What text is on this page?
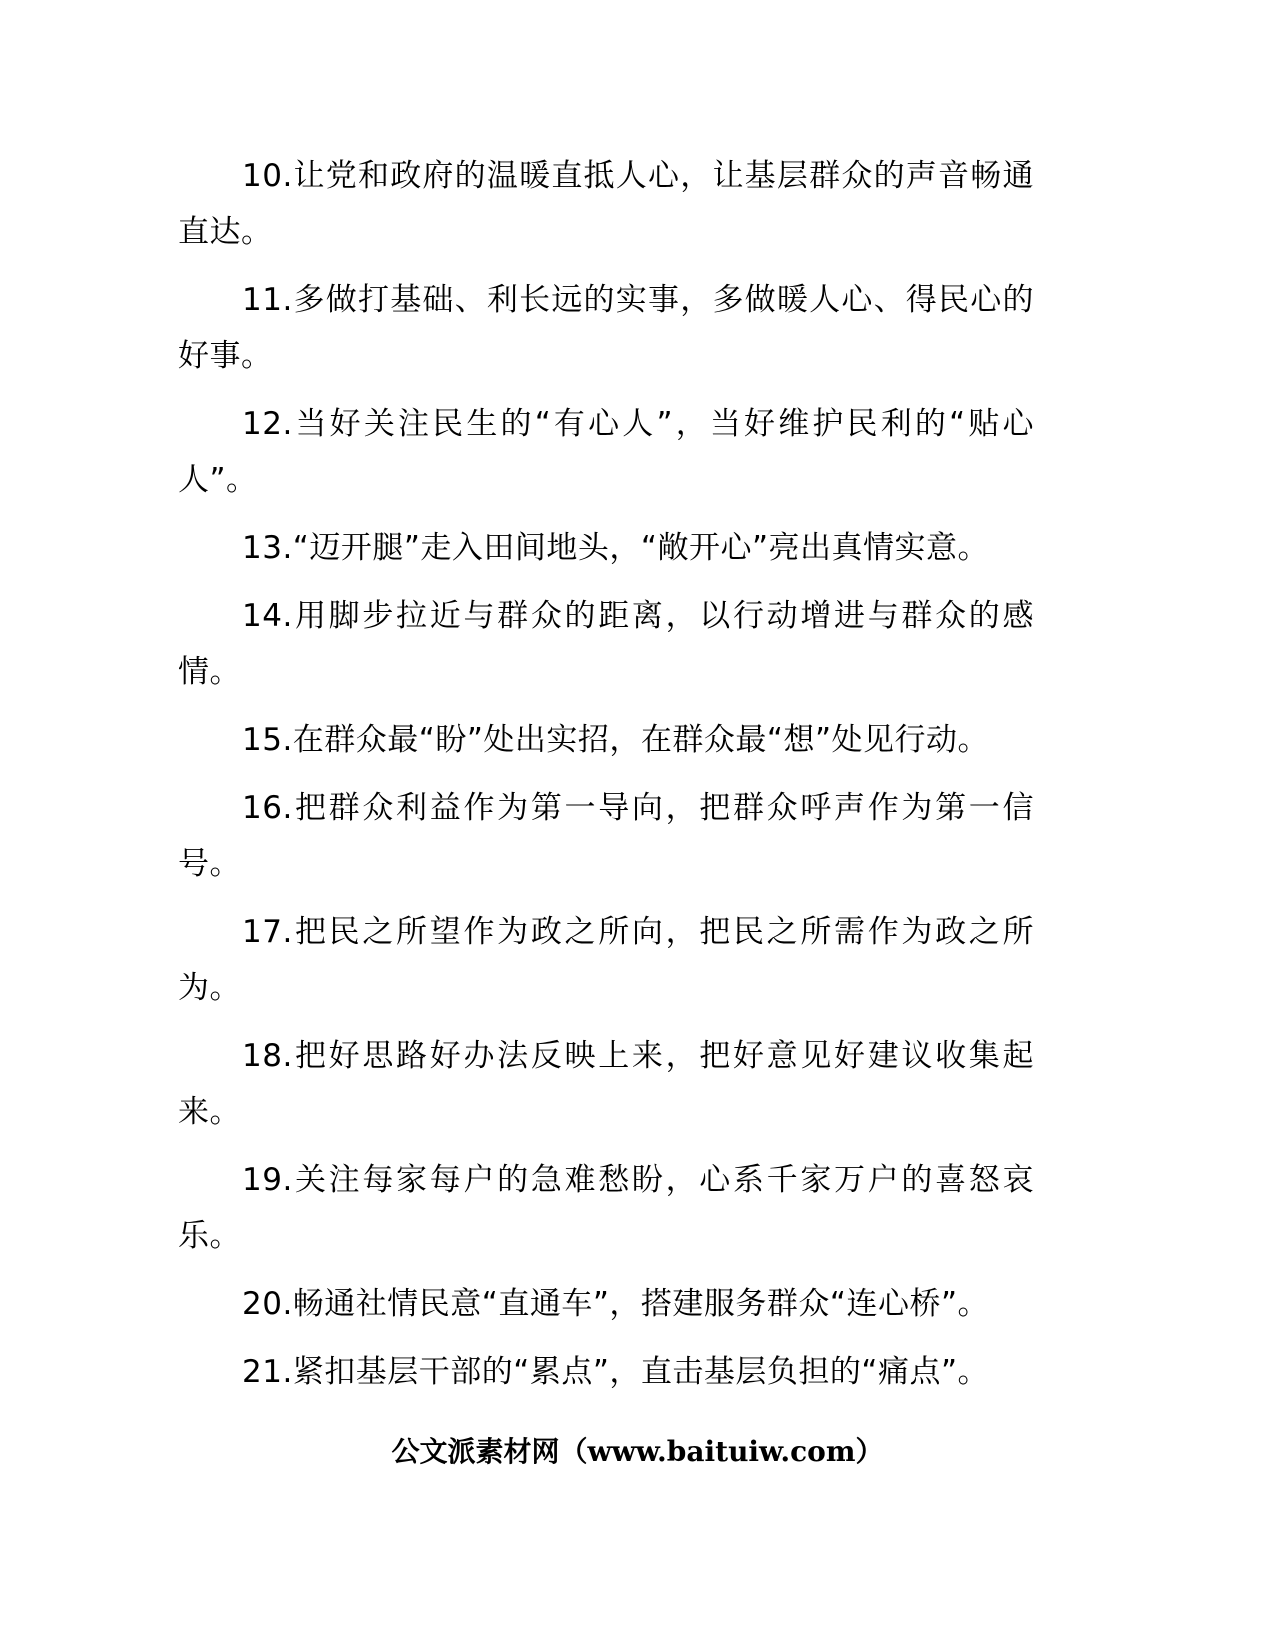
10.让党和政府的温暖直抵人心，让基层群众的声音畅通直达。

11.多做打基础、利长远的实事，多做暖人心、得民心的好事。

12.当好关注民生的“有心人”，当好维护民利的“贴心人”。

13.“迈开腿”走入田间地头，“敞开心”亮出真情实意。

14.用脚步拉近与群众的距离，以行动增进与群众的感情。

15.在群众最“盼”处出实招，在群众最“想”处见行动。

16.把群众利益作为第一导向，把群众呼声作为第一信号。

17.把民之所望作为政之所向，把民之所需作为政之所为。

18.把好思路好办法反映上来，把好意见好建议收集起来。

19.关注每家每户的急难愁盼，心系千家万户的喜怒哀乐。

20.畅通社情民意“直通车”，搭建服务群众“连心桥”。

21.紧扣基层干部的“累点”，直击基层负担的“痛点”。

公文派素材网（www.baituiw.com）
